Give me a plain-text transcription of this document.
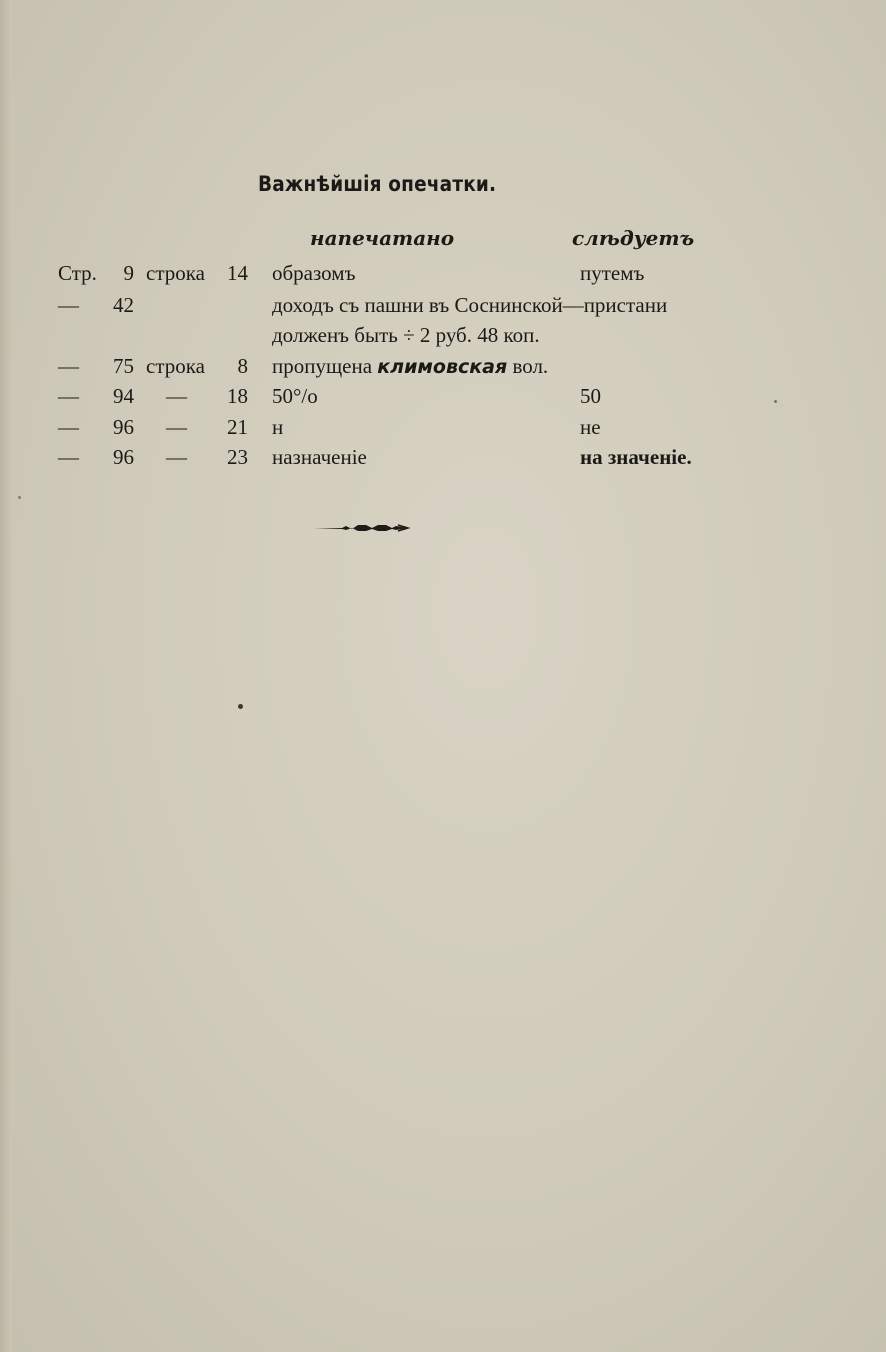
Важнѣйшія опечатки.
напечатано	слѣдуетъ
Стр.	9 строка	14 образомъ	путемъ
—	42	доходъ съ пашни въ Соснинской—пристани
долженъ быть ÷ 2 руб. 48 коп.
—	75 строка	8 пропущена климовская вол.
—	94 —	18 50°/о	50
—	96 —	21 н	не
—	96 —	23 назначеніе	на значеніе.
